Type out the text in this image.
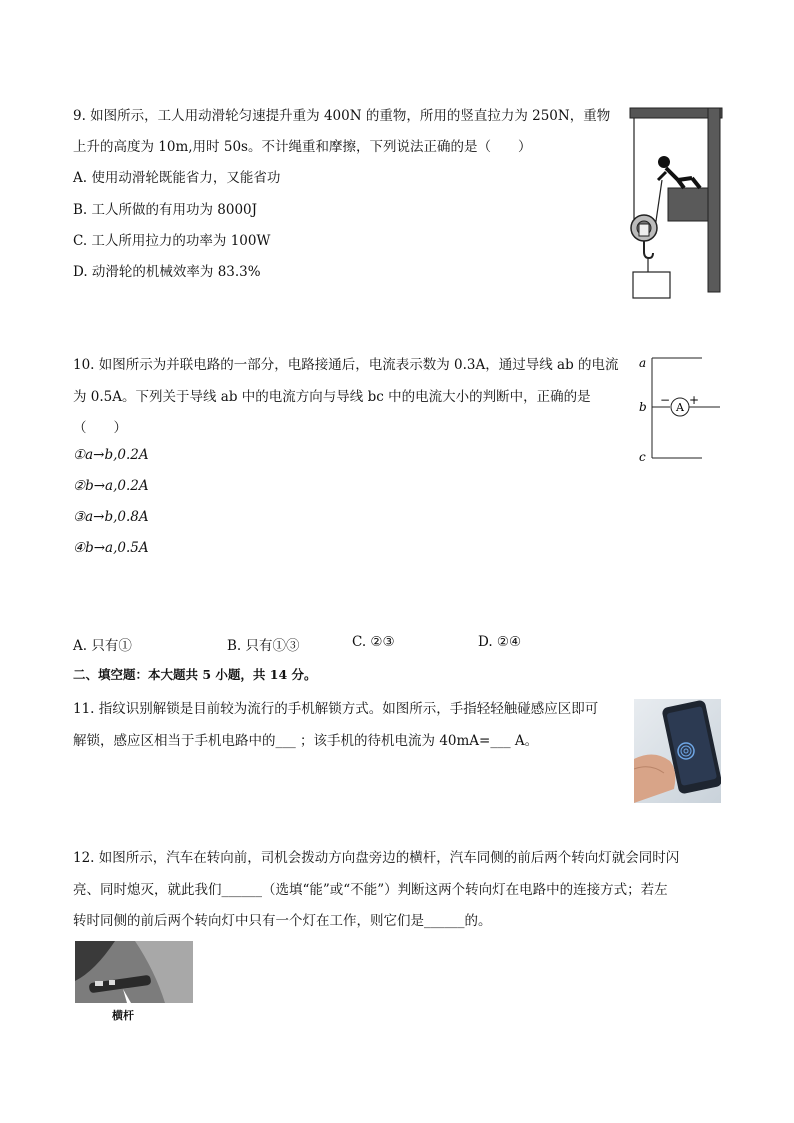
9. 如图所示，工人用动滑轮匀速提升重为 400N 的重物，所用的竖直拉力为 250N，重物
上升的高度为 10m,用时 50s。不计绳重和摩擦，下列说法正确的是（　　）
A. 使用动滑轮既能省力，又能省功
B. 工人所做的有用功为 8000J
C. 工人所用拉力的功率为 100W
D. 动滑轮的机械效率为 83.3%
10. 如图所示为并联电路的一部分，电路接通后，电流表示数为 0.3A，通过导线 ab 的电流
为 0.5A。下列关于导线 ab 中的电流方向与导线 bc 中的电流大小的判断中，正确的是
（　　）
①a→b,0.2A
②b→a,0.2A
③a→b,0.8A
④b→a,0.5A
a
b
c
A
− +
A. 只有①	B. 只有①③	C. ②③	D. ②④
二、填空题：本大题共 5 小题，共 14 分。
11. 指纹识别解锁是目前较为流行的手机解锁方式。如图所示，手指轻轻触碰感应区即可
解锁，感应区相当于手机电路中的___ ；该手机的待机电流为 40mA=___ A。
12. 如图所示，汽车在转向前，司机会拨动方向盘旁边的横杆，汽车同侧的前后两个转向灯就会同时闪
亮、同时熄灭，就此我们______（选填“能”或“不能”）判断这两个转向灯在电路中的连接方式；若左
转时同侧的前后两个转向灯中只有一个灯在工作，则它们是______的。
横杆
